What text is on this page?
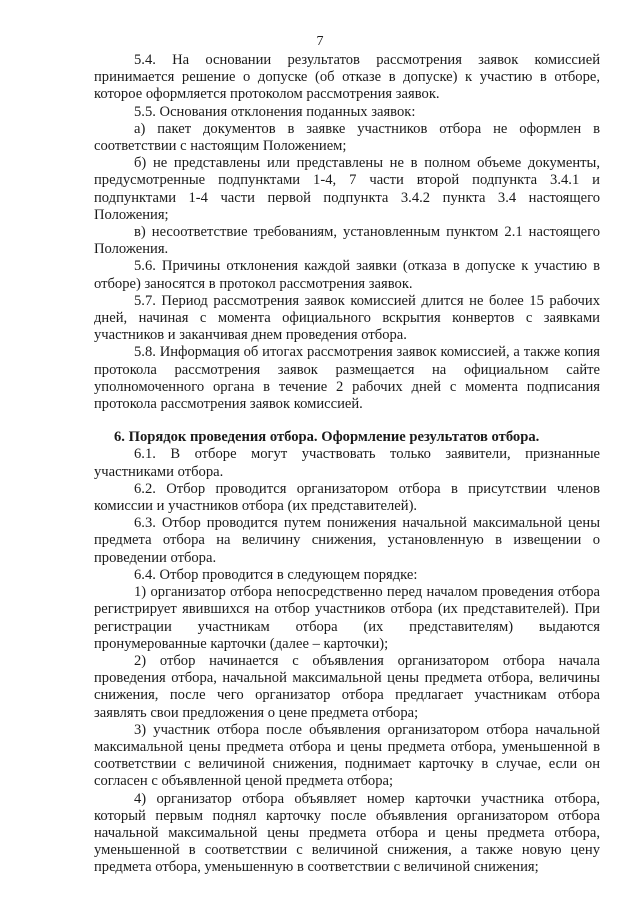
7

5.4. На основании результатов рассмотрения заявок комиссией принимается решение о допуске (об отказе в допуске) к участию в отборе, которое оформляется протоколом рассмотрения заявок.

5.5. Основания отклонения поданных заявок:

а) пакет документов в заявке участников отбора не оформлен в соответствии с настоящим Положением;

б) не представлены или представлены не в полном объеме документы, предусмотренные подпунктами 1-4, 7 части второй подпункта 3.4.1 и подпунктами 1-4 части первой подпункта 3.4.2 пункта 3.4 настоящего Положения;

в) несоответствие требованиям, установленным пунктом 2.1 настоящего Положения.

5.6. Причины отклонения каждой заявки (отказа в допуске к участию в отборе) заносятся в протокол рассмотрения заявок.

5.7. Период рассмотрения заявок комиссией длится не более 15 рабочих дней, начиная с момента официального вскрытия конвертов с заявками участников и заканчивая днем проведения отбора.

5.8. Информация об итогах рассмотрения заявок комиссией, а также копия протокола рассмотрения заявок размещается на официальном сайте уполномоченного органа в течение 2 рабочих дней с момента подписания протокола рассмотрения заявок комиссией.

6. Порядок проведения отбора. Оформление результатов отбора.

6.1. В отборе могут участвовать только заявители, признанные участниками отбора.

6.2. Отбор проводится организатором отбора в присутствии членов комиссии и участников отбора (их представителей).

6.3. Отбор проводится путем понижения начальной максимальной цены предмета отбора на величину снижения, установленную в извещении о проведении отбора.

6.4. Отбор проводится в следующем порядке:

1) организатор отбора непосредственно перед началом проведения отбора регистрирует явившихся на отбор участников отбора (их представителей). При регистрации участникам отбора (их представителям) выдаются пронумерованные карточки (далее – карточки);

2) отбор начинается с объявления организатором отбора начала проведения отбора, начальной максимальной цены предмета отбора, величины снижения, после чего организатор отбора предлагает участникам отбора заявлять свои предложения о цене предмета отбора;

3) участник отбора после объявления организатором отбора начальной максимальной цены предмета отбора и цены предмета отбора, уменьшенной в соответствии с величиной снижения, поднимает карточку в случае, если он согласен с объявленной ценой предмета отбора;

4) организатор отбора объявляет номер карточки участника отбора, который первым поднял карточку после объявления организатором отбора начальной максимальной цены предмета отбора и цены предмета отбора, уменьшенной в соответствии с величиной снижения, а также новую цену предмета отбора, уменьшенную в соответствии с величиной снижения;
